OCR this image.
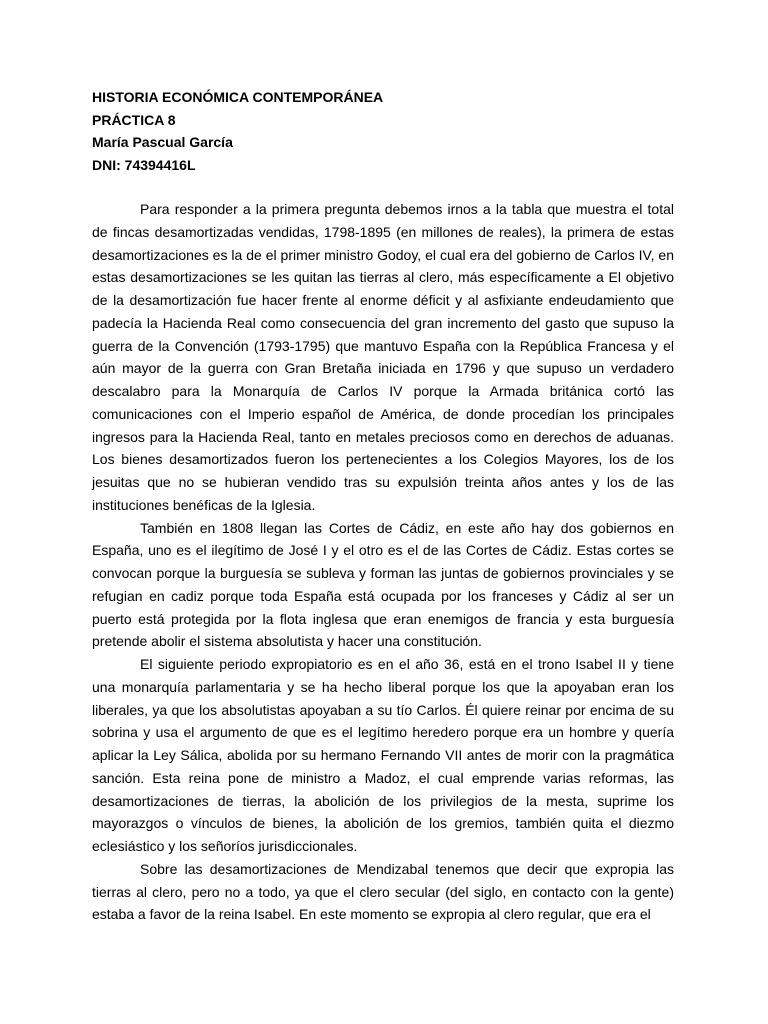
HISTORIA ECONÓMICA CONTEMPORÁNEA
PRÁCTICA 8
María Pascual García
DNI: 74394416L

Para responder a la primera pregunta debemos irnos a la tabla que muestra el total de fincas desamortizadas vendidas, 1798-1895 (en millones de reales), la primera de estas desamortizaciones es la de el primer ministro Godoy, el cual era del gobierno de Carlos IV, en estas desamortizaciones se les quitan las tierras al clero, más específicamente a El objetivo de la desamortización fue hacer frente al enorme déficit y al asfixiante endeudamiento que padecía la Hacienda Real como consecuencia del gran incremento del gasto que supuso la guerra de la Convención (1793-1795) que mantuvo España con la República Francesa y el aún mayor de la guerra con Gran Bretaña iniciada en 1796 y que supuso un verdadero descalabro para la Monarquía de Carlos IV porque la Armada británica cortó las comunicaciones con el Imperio español de América, de donde procedían los principales ingresos para la Hacienda Real, tanto en metales preciosos como en derechos de aduanas. Los bienes desamortizados fueron los pertenecientes a los Colegios Mayores, los de los jesuitas que no se hubieran vendido tras su expulsión treinta años antes y los de las instituciones benéficas de la Iglesia.

También en 1808 llegan las Cortes de Cádiz, en este año hay dos gobiernos en España, uno es el ilegítimo de José I y el otro es el de las Cortes de Cádiz. Estas cortes se convocan porque la burguesía se subleva y forman las juntas de gobiernos provinciales y se refugian en cadiz porque toda España está ocupada por los franceses y Cádiz al ser un puerto está protegida por la flota inglesa que eran enemigos de francia y esta burguesía pretende abolir el sistema absolutista y hacer una constitución.

El siguiente periodo expropiatorio es en el año 36, está en el trono Isabel II y tiene una monarquía parlamentaria y se ha hecho liberal porque los que la apoyaban eran los liberales, ya que los absolutistas apoyaban a su tío Carlos. Él quiere reinar por encima de su sobrina y usa el argumento de que es el legítimo heredero porque era un hombre y quería aplicar la Ley Sálica, abolida por su hermano Fernando VII antes de morir con la pragmática sanción. Esta reina pone de ministro a Madoz, el cual emprende varias reformas, las desamortizaciones de tierras, la abolición de los privilegios de la mesta, suprime los mayorazgos o vínculos de bienes, la abolición de los gremios, también quita el diezmo eclesiástico y los señoríos jurisdiccionales.

Sobre las desamortizaciones de Mendizabal tenemos que decir que expropia las tierras al clero, pero no a todo, ya que el clero secular (del siglo, en contacto con la gente) estaba a favor de la reina Isabel. En este momento se expropia al clero regular, que era el
